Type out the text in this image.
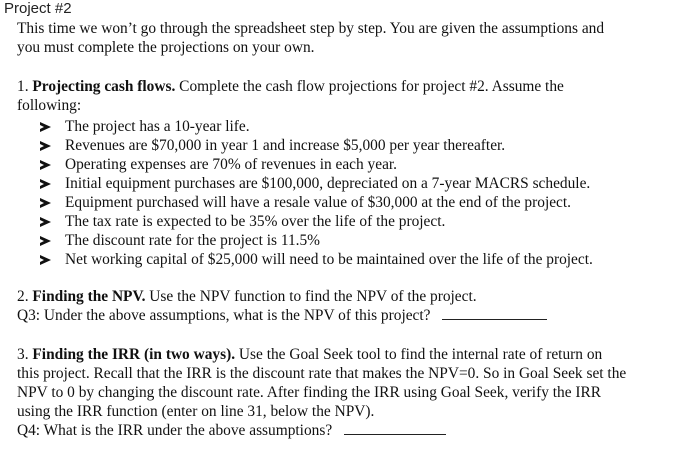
Project #2
This time we won’t go through the spreadsheet step by step. You are given the assumptions and
you must complete the projections on your own.
1. Projecting cash flows. Complete the cash flow projections for project #2. Assume the
following:
The project has a 10-year life.
Revenues are $70,000 in year 1 and increase $5,000 per year thereafter.
Operating expenses are 70% of revenues in each year.
Initial equipment purchases are $100,000, depreciated on a 7-year MACRS schedule.
Equipment purchased will have a resale value of $30,000 at the end of the project.
The tax rate is expected to be 35% over the life of the project.
The discount rate for the project is 11.5%
Net working capital of $25,000 will need to be maintained over the life of the project.
2. Finding the NPV. Use the NPV function to find the NPV of the project.
Q3: Under the above assumptions, what is the NPV of this project?
3. Finding the IRR (in two ways). Use the Goal Seek tool to find the internal rate of return on
this project. Recall that the IRR is the discount rate that makes the NPV=0. So in Goal Seek set the
NPV to 0 by changing the discount rate. After finding the IRR using Goal Seek, verify the IRR
using the IRR function (enter on line 31, below the NPV).
Q4: What is the IRR under the above assumptions?
